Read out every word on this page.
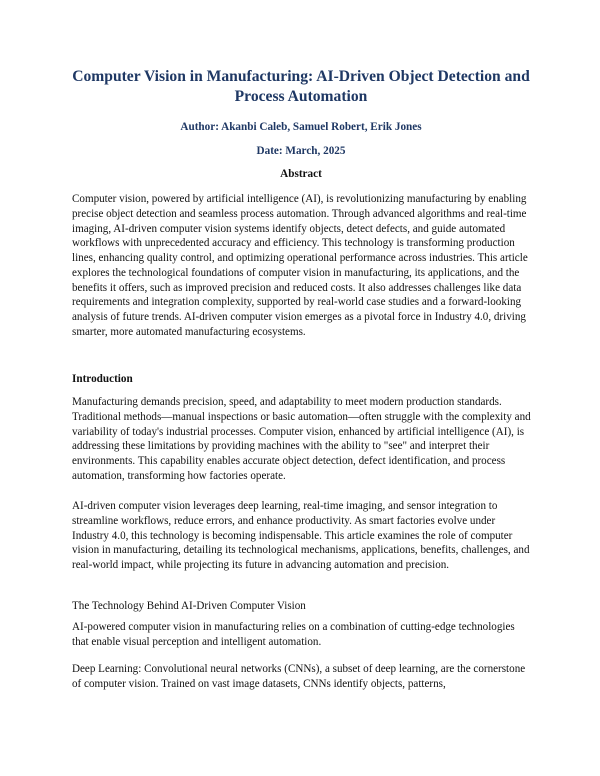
Computer Vision in Manufacturing: AI-Driven Object Detection and Process Automation
Author: Akanbi Caleb, Samuel Robert, Erik Jones
Date: March, 2025
Abstract

Computer vision, powered by artificial intelligence (AI), is revolutionizing manufacturing by enabling precise object detection and seamless process automation. Through advanced algorithms and real-time imaging, AI-driven computer vision systems identify objects, detect defects, and guide automated workflows with unprecedented accuracy and efficiency. This technology is transforming production lines, enhancing quality control, and optimizing operational performance across industries. This article explores the technological foundations of computer vision in manufacturing, its applications, and the benefits it offers, such as improved precision and reduced costs. It also addresses challenges like data requirements and integration complexity, supported by real-world case studies and a forward-looking analysis of future trends. AI-driven computer vision emerges as a pivotal force in Industry 4.0, driving smarter, more automated manufacturing ecosystems.

Introduction

Manufacturing demands precision, speed, and adaptability to meet modern production standards. Traditional methods—manual inspections or basic automation—often struggle with the complexity and variability of today's industrial processes. Computer vision, enhanced by artificial intelligence (AI), is addressing these limitations by providing machines with the ability to "see" and interpret their environments. This capability enables accurate object detection, defect identification, and process automation, transforming how factories operate.

AI-driven computer vision leverages deep learning, real-time imaging, and sensor integration to streamline workflows, reduce errors, and enhance productivity. As smart factories evolve under Industry 4.0, this technology is becoming indispensable. This article examines the role of computer vision in manufacturing, detailing its technological mechanisms, applications, benefits, challenges, and real-world impact, while projecting its future in advancing automation and precision.

The Technology Behind AI-Driven Computer Vision

AI-powered computer vision in manufacturing relies on a combination of cutting-edge technologies that enable visual perception and intelligent automation.

Deep Learning: Convolutional neural networks (CNNs), a subset of deep learning, are the cornerstone of computer vision. Trained on vast image datasets, CNNs identify objects, patterns,
